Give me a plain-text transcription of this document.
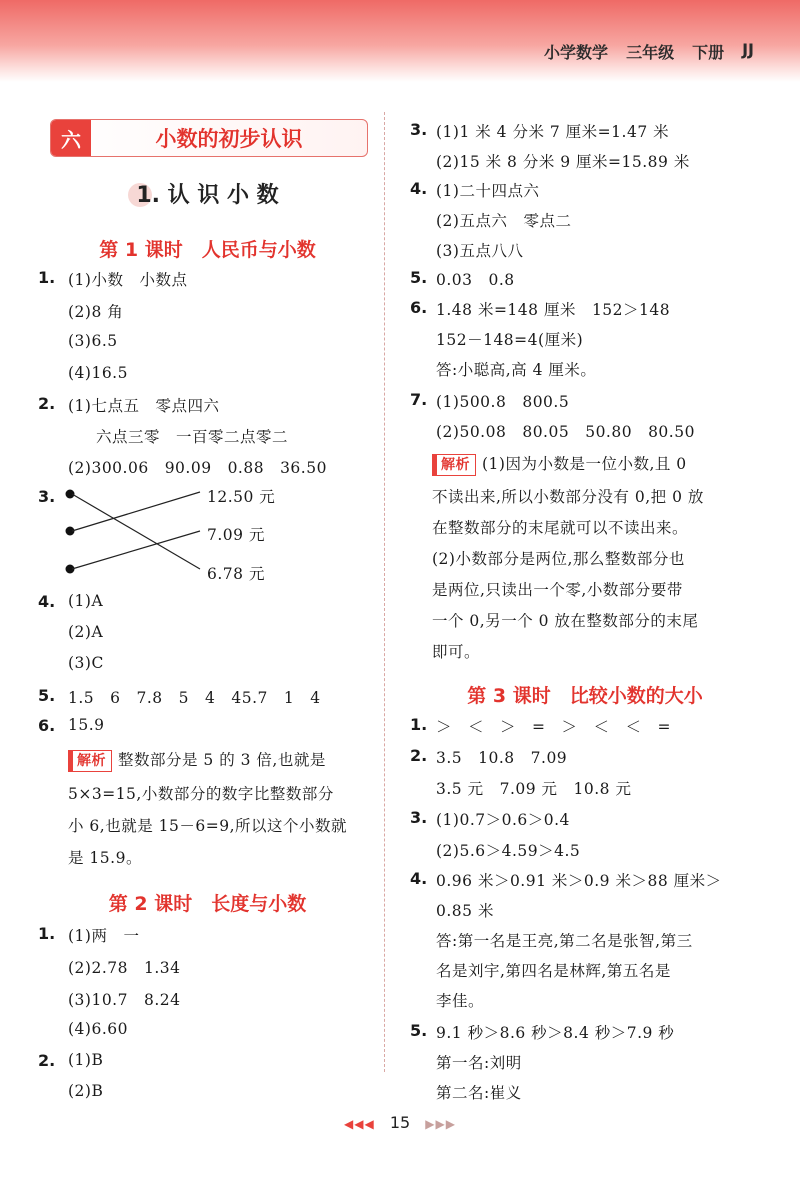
小学数学 三年级 下册 JJ
六	小数的初步认识
1. 认 识 小 数
第 1 课时　人民币与小数
1. (1)小数　小数点
(2)8 角
(3)6.5
(4)16.5
2. (1)七点五　零点四六
六点三零　一百零二点零二
(2)300.06　90.09　0.88　36.50
3.	12.50 元
7.09 元
6.78 元
4. (1)A
(2)A
(3)C
5. 1.5　6　7.8　5　4　45.7　1　4
6. 15.9
解析 整数部分是 5 的 3 倍,也就是
5×3=15,小数部分的数字比整数部分
小 6,也就是 15－6=9,所以这个小数就
是 15.9。
第 2 课时　长度与小数
1. (1)两　一
(2)2.78　1.34
(3)10.7　8.24
(4)6.60
2. (1)B
(2)B
3. (1)1 米 4 分米 7 厘米=1.47 米
(2)15 米 8 分米 9 厘米=15.89 米
4. (1)二十四点六
(2)五点六　零点二
(3)五点八八
5. 0.03　0.8
6. 1.48 米=148 厘米　152＞148
152－148=4(厘米)
答:小聪高,高 4 厘米。
7. (1)500.8　800.5
(2)50.08　80.05　50.80　80.50
解析 (1)因为小数是一位小数,且 0
不读出来,所以小数部分没有 0,把 0 放
在整数部分的末尾就可以不读出来。
(2)小数部分是两位,那么整数部分也
是两位,只读出一个零,小数部分要带
一个 0,另一个 0 放在整数部分的末尾
即可。
第 3 课时　比较小数的大小
1. ＞　＜　＞　=　＞　＜　＜　=
2. 3.5　10.8　7.09
3.5 元　7.09 元　10.8 元
3. (1)0.7＞0.6＞0.4
(2)5.6＞4.59＞4.5
4. 0.96 米＞0.91 米＞0.9 米＞88 厘米＞
0.85 米
答:第一名是王亮,第二名是张智,第三
名是刘宇,第四名是林辉,第五名是
李佳。
5. 9.1 秒＞8.6 秒＞8.4 秒＞7.9 秒
第一名:刘明
第二名:崔义
◀◀◀ 15 ▶▶▶
